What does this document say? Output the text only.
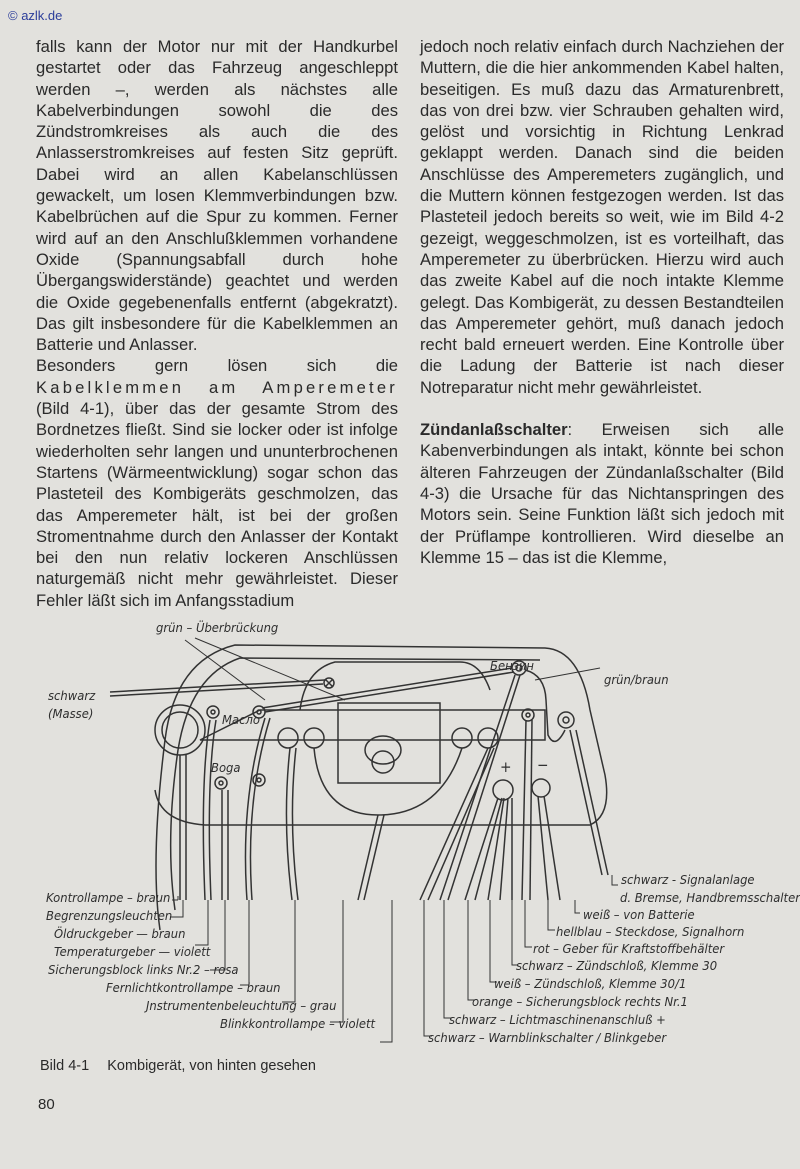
© azlk.de

falls kann der Motor nur mit der Handkurbel gestartet oder das Fahrzeug angeschleppt werden –, werden als nächstes alle Kabelverbindungen sowohl die des Zündstromkreises als auch die des Anlasserstromkreises auf festen Sitz geprüft. Dabei wird an allen Kabelanschlüssen gewackelt, um losen Klemmverbindungen bzw. Kabelbrüchen auf die Spur zu kommen. Ferner wird auf an den Anschlußklemmen vorhandene Oxide (Spannungsabfall durch hohe Übergangswiderstände) geachtet und werden die Oxide gegebenenfalls entfernt (abgekratzt). Das gilt insbesondere für die Kabelklemmen an Batterie und Anlasser.

Besonders gern lösen sich die Kabelklemmen am Amperemeter (Bild 4-1), über das der gesamte Strom des Bordnetzes fließt. Sind sie locker oder ist infolge wiederholten sehr langen und ununterbrochenen Startens (Wärmeentwicklung) sogar schon das Plasteteil des Kombigeräts geschmolzen, das das Amperemeter hält, ist bei der großen Stromentnahme durch den Anlasser der Kontakt bei den nun relativ lockeren Anschlüssen naturgemäß nicht mehr gewährleistet. Dieser Fehler läßt sich im Anfangsstadium

jedoch noch relativ einfach durch Nachziehen der Muttern, die die hier ankommenden Kabel halten, beseitigen. Es muß dazu das Armaturenbrett, das von drei bzw. vier Schrauben gehalten wird, gelöst und vorsichtig in Richtung Lenkrad geklappt werden. Danach sind die beiden Anschlüsse des Amperemeters zugänglich, und die Muttern können festgezogen werden. Ist das Plasteteil jedoch bereits so weit, wie im Bild 4-2 gezeigt, weggeschmolzen, ist es vorteilhaft, das Amperemeter zu überbrücken. Hierzu wird auch das zweite Kabel auf die noch intakte Klemme gelegt. Das Kombigerät, zu dessen Bestandteilen das Amperemeter gehört, muß danach jedoch recht bald erneuert werden. Eine Kontrolle über die Ladung der Batterie ist nach dieser Notreparatur nicht mehr gewährleistet.

Zündanlaßschalter: Erweisen sich alle Kabenverbindungen als intakt, könnte bei schon älteren Fahrzeugen der Zündanlaßschalter (Bild 4-3) die Ursache für das Nichtanspringen des Motors sein. Seine Funktion läßt sich jedoch mit der Prüflampe kontrollieren. Wird dieselbe an Klemme 15 – das ist die Klemme,

grün – Überbrückung
schwarz
(Masse)	Масло
Boga
Бензин
grün/braun
+ −
Kontrollampe – braun
Begrenzungsleuchten
Öldruckgeber — braun
Temperaturgeber — violett
Sicherungsblock links Nr.2 – rosa
Fernlichtkontrollampe – braun
Jnstrumentenbeleuchtung – grau
Blinkkontrollampe – violett
schwarz - Signalanlage
d. Bremse, Handbremsschalter
weiß – von Batterie
hellblau – Steckdose, Signalhorn
rot – Geber für Kraftstoffbehälter
schwarz – Zündschloß, Klemme 30
weiß – Zündschloß, Klemme 30/1
orange – Sicherungsblock rechts Nr.1
schwarz – Lichtmaschinenanschluß +
schwarz – Warnblinkschalter / Blinkgeber
Bild 4-1 Kombigerät, von hinten gesehen
80
